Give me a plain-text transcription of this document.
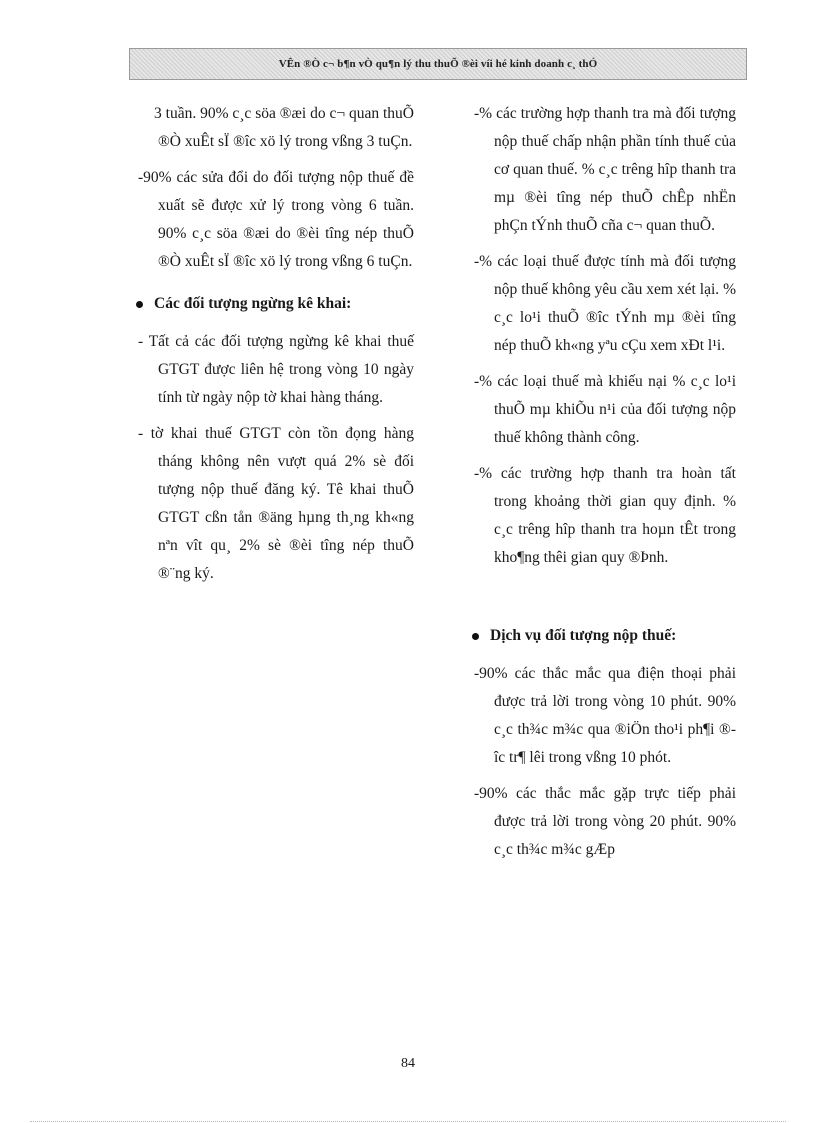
VÊn ®Ò c¬ b¶n vÒ qu¶n lý thu thuÕ ®èi víi hé kinh doanh c¸ thÓ

3 tuần. 90% c¸c söa ®æi do c¬ quan thuÕ ®Ò xuÊt sÏ ®îc xö lý trong vßng 3 tuÇn.

-90% các sửa đổi do đối tượng nộp thuế đề xuất sẽ được xử lý trong vòng 6 tuần. 90% c¸c söa ®æi do ®èi tîng nép thuÕ ®Ò xuÊt sÏ ®îc xö lý trong vßng 6 tuÇn.

Các đối tượng ngừng kê khai:

- Tất cả các đối tượng ngừng kê khai thuế GTGT được liên hệ trong vòng 10 ngày tính từ ngày nộp tờ khai hàng tháng.

- tờ khai thuế GTGT còn tồn đọng hàng tháng không nên vượt quá 2% sè đối tượng nộp thuế đăng ký. Tê khai thuÕ GTGT cßn tån ®äng hµng th¸ng kh«ng nªn vît qu¸ 2% sè ®èi tîng nép thuÕ ®¨ng ký.

-% các trường hợp thanh tra mà đối tượng nộp thuế chấp nhận phần tính thuế của cơ quan thuế. % c¸c trêng hîp thanh tra mµ ®èi tîng nép thuÕ chÊp nhËn phÇn tÝnh thuÕ cña c¬ quan thuÕ.

-% các loại thuế được tính mà đối tượng nộp thuế không yêu cầu xem xét lại. % c¸c lo¹i thuÕ ®îc tÝnh mµ ®èi tîng nép thuÕ kh«ng yªu cÇu xem xÐt l¹i.

-% các loại thuế mà khiếu nại % c¸c lo¹i thuÕ mµ khiÕu n¹i của đối tượng nộp thuế không thành công.

-% các trường hợp thanh tra hoàn tất trong khoảng thời gian quy định. % c¸c trêng hîp thanh tra hoµn tÊt trong kho¶ng thêi gian quy ®Þnh.

Dịch vụ đối tượng nộp thuế:

-90% các thắc mắc qua điện thoại phải được trả lời trong vòng 10 phút. 90% c¸c th¾c m¾c qua ®iÖn tho¹i ph¶i ®îc tr¶ lêi trong vßng 10 phót.

-90% các thắc mắc gặp trực tiếp phải được trả lời trong vòng 20 phút. 90% c¸c th¾c m¾c gÆp

84
